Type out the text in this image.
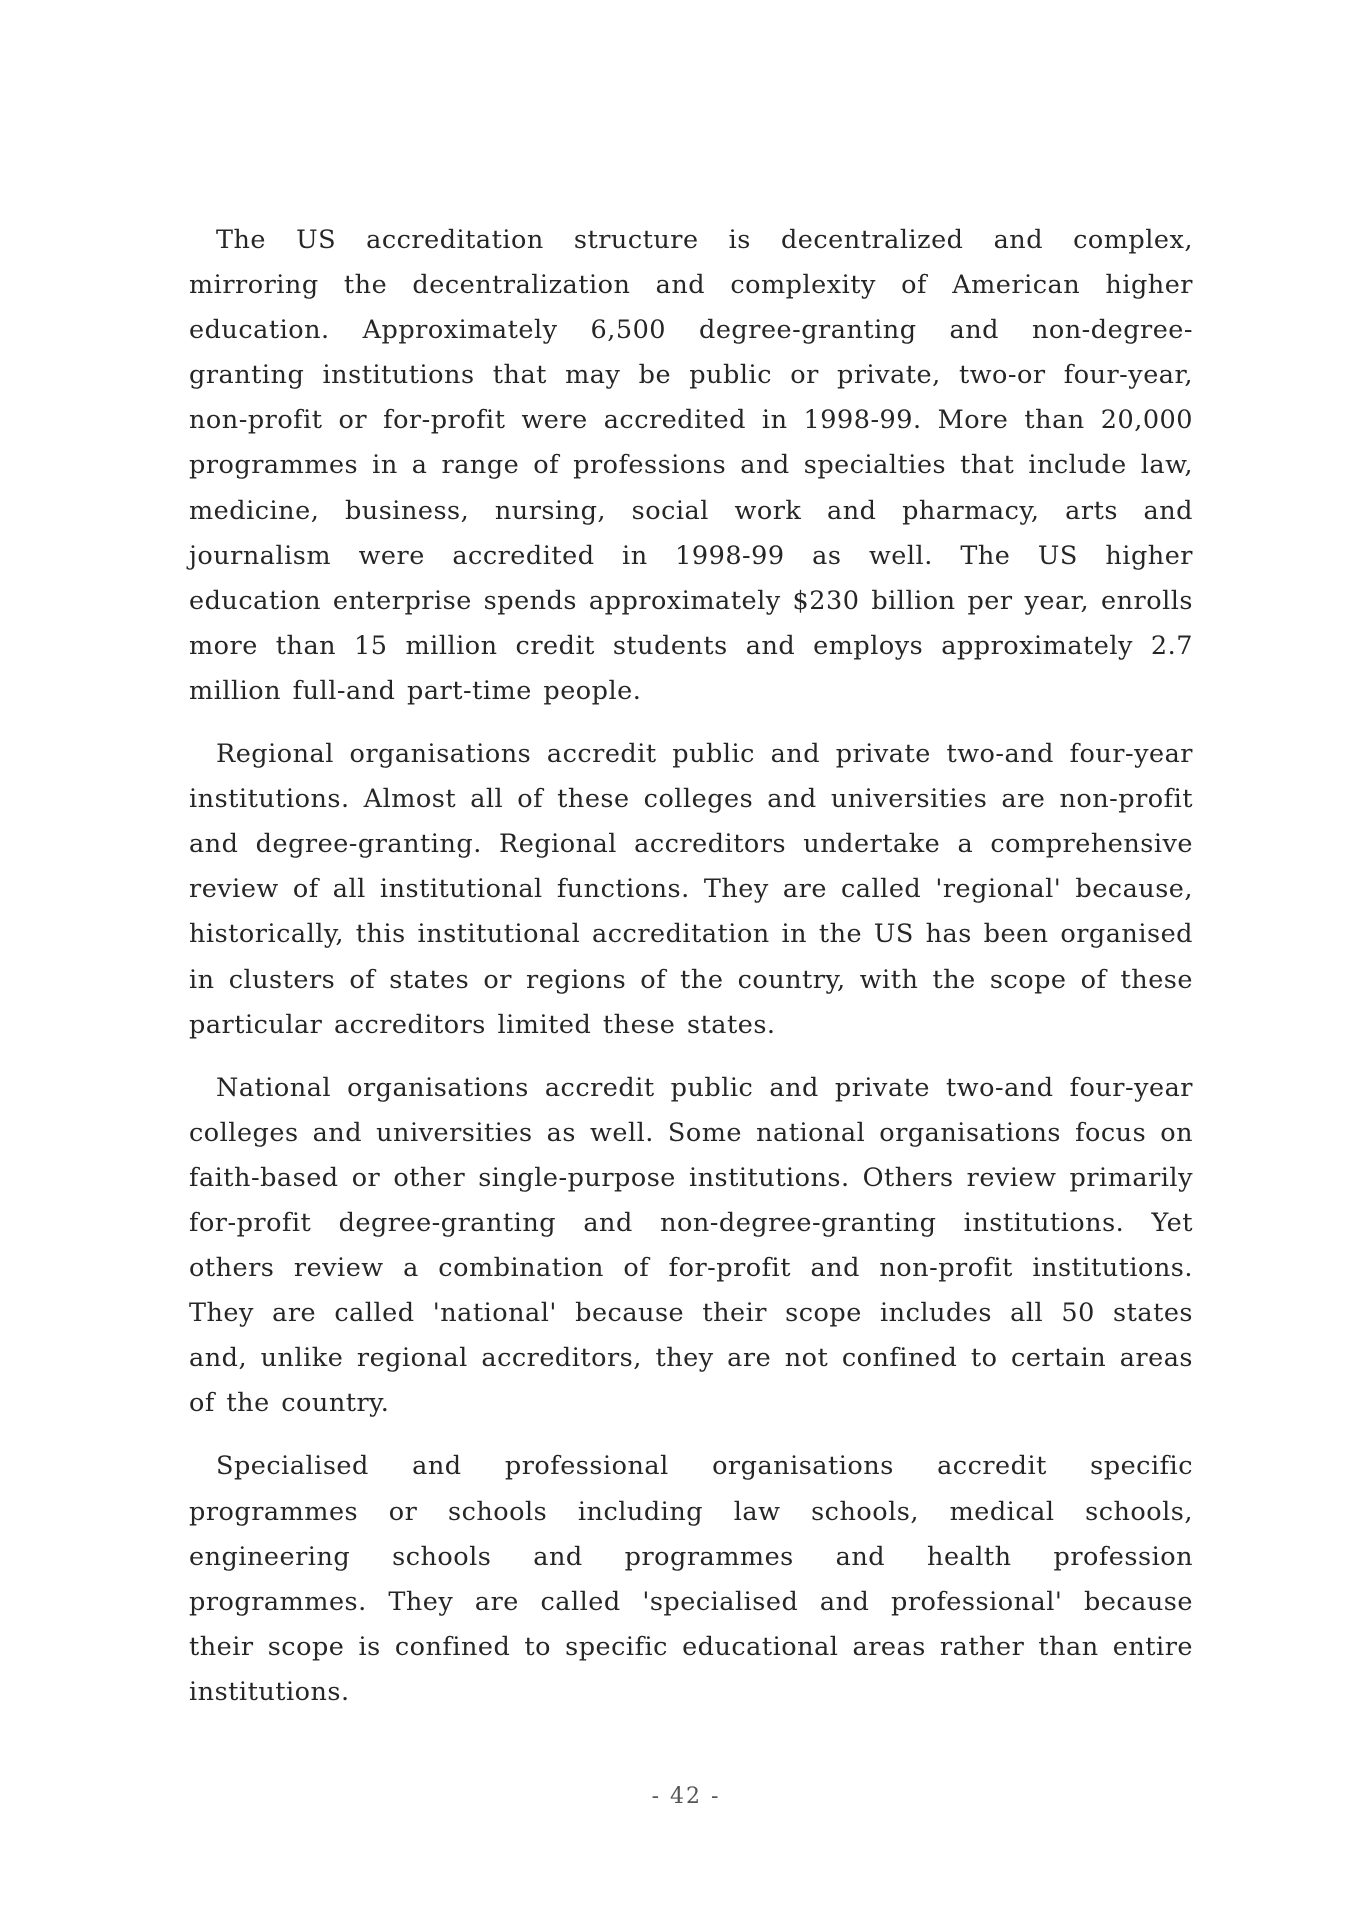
The US accreditation structure is decentralized and complex, mirroring the decentralization and complexity of American higher education. Approximately 6,500 degree-granting and non-degree-granting institutions that may be public or private, two-or four-year, non-profit or for-profit were accredited in 1998-99. More than 20,000 programmes in a range of professions and specialties that include law, medicine, business, nursing, social work and pharmacy, arts and journalism were accredited in 1998-99 as well. The US higher education enterprise spends approximately $230 billion per year, enrolls more than 15 million credit students and employs approximately 2.7 million full-and part-time people.

Regional organisations accredit public and private two-and four-year institutions. Almost all of these colleges and universities are non-profit and degree-granting. Regional accreditors undertake a comprehensive review of all institutional functions. They are called 'regional' because, historically, this institutional accreditation in the US has been organised in clusters of states or regions of the country, with the scope of these particular accreditors limited these states.

National organisations accredit public and private two-and four-year colleges and universities as well. Some national organisations focus on faith-based or other single-purpose institutions. Others review primarily for-profit degree-granting and non-degree-granting institutions. Yet others review a combination of for-profit and non-profit institutions. They are called 'national' because their scope includes all 50 states and, unlike regional accreditors, they are not confined to certain areas of the country.

Specialised and professional organisations accredit specific programmes or schools including law schools, medical schools, engineering schools and programmes and health profession programmes. They are called 'specialised and professional' because their scope is confined to specific educational areas rather than entire institutions.

- 42 -
